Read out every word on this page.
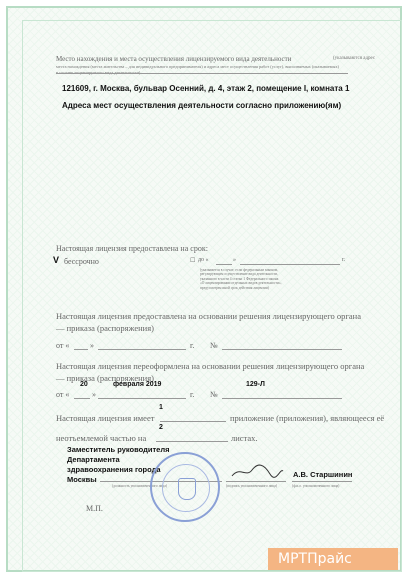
Место нахождения и места осуществления лицензируемого вида деятельности	(указываются адрес
места нахождения (места жительства – для индивидуального предпринимателя) и адреса мест осуществления работ (услуг), выполняемых (оказываемых)
в составе лицензируемого вида деятельности)
121609, г. Москва, бульвар Осенний, д. 4, этаж 2, помещение I, комната 1
Адреса мест осуществления деятельности согласно приложению(ям)
Настоящая лицензия предоставлена на срок:
V бессрочно	☐ до «	»	г.
(указывается в случае, если федеральным законом,
регулирующим осуществление вида деятельности,
указанного в части 4 статьи 1 Федерального закона
«О лицензировании отдельных видов деятельности»,
предусмотрен иной срок действия лицензии)
Настоящая лицензия предоставлена на основании решения лицензирующего органа
— приказа (распоряжения)
от «	»	г. №
Настоящая лицензия переоформлена на основании решения лицензирующего органа
— приказа (распоряжения)
от «
20
»
февраля 2019
г. №
129-Л
1
Настоящая лицензия имеет	приложение (приложения), являющееся её
2
неотъемлемой частью на	листах.
Заместитель руководителя
Департамента
здравоохранения города
Москвы
(должность уполномоченного лица)	(подпись уполномоченного лица)
А.В. Старшинин
(ф.и.о. уполномоченного лица)
М.П.
МРТПрайс
